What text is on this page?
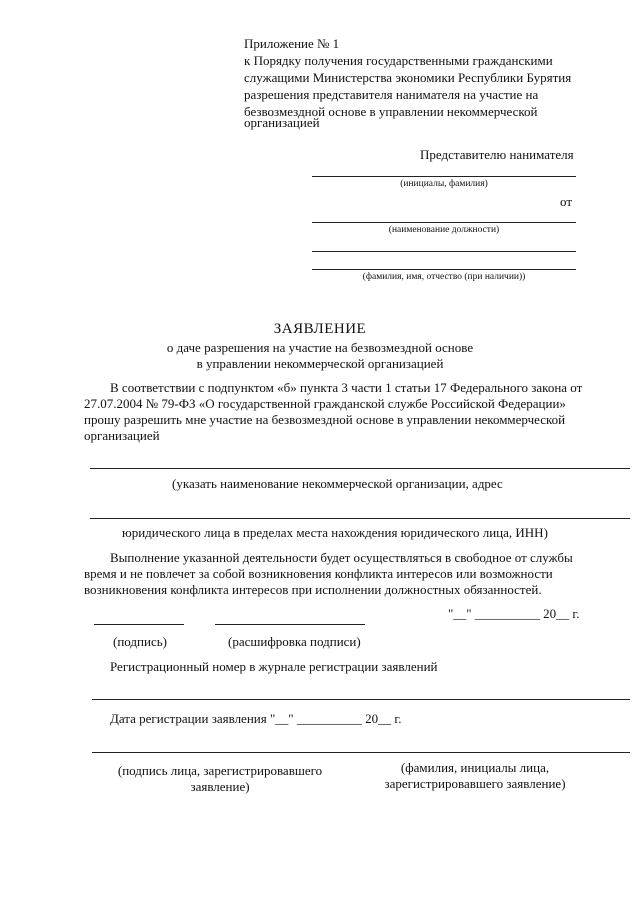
Приложение № 1
к Порядку получения государственными гражданскими
служащими Министерства экономики Республики Бурятия
разрешения представителя нанимателя на участие на
безвозмездной основе в управлении некоммерческой
организацией
Представителю нанимателя
(инициалы, фамилия)
от
(наименование должности)
(фамилия, имя, отчество (при наличии))
ЗАЯВЛЕНИЕ
о даче разрешения на участие на безвозмездной основе
в управлении некоммерческой организацией
В соответствии с подпунктом «б» пункта 3 части 1 статьи 17 Федерального закона от
27.07.2004 № 79-ФЗ «О государственной гражданской службе Российской Федерации»
прошу разрешить мне участие на безвозмездной основе в управлении некоммерческой
организацией
(указать наименование некоммерческой организации, адрес
юридического лица в пределах места нахождения юридического лица, ИНН)
Выполнение указанной деятельности будет осуществляться в свободное от службы
время и не повлечет за собой возникновения конфликта интересов или возможности
возникновения конфликта интересов при исполнении должностных обязанностей.
"__" __________ 20__ г.
(подпись)	(расшифровка подписи)
Регистрационный номер в журнале регистрации заявлений
Дата регистрации заявления "__" __________ 20__ г.
(подпись лица, зарегистрировавшего
заявление)
(фамилия, инициалы лица,
зарегистрировавшего заявление)
